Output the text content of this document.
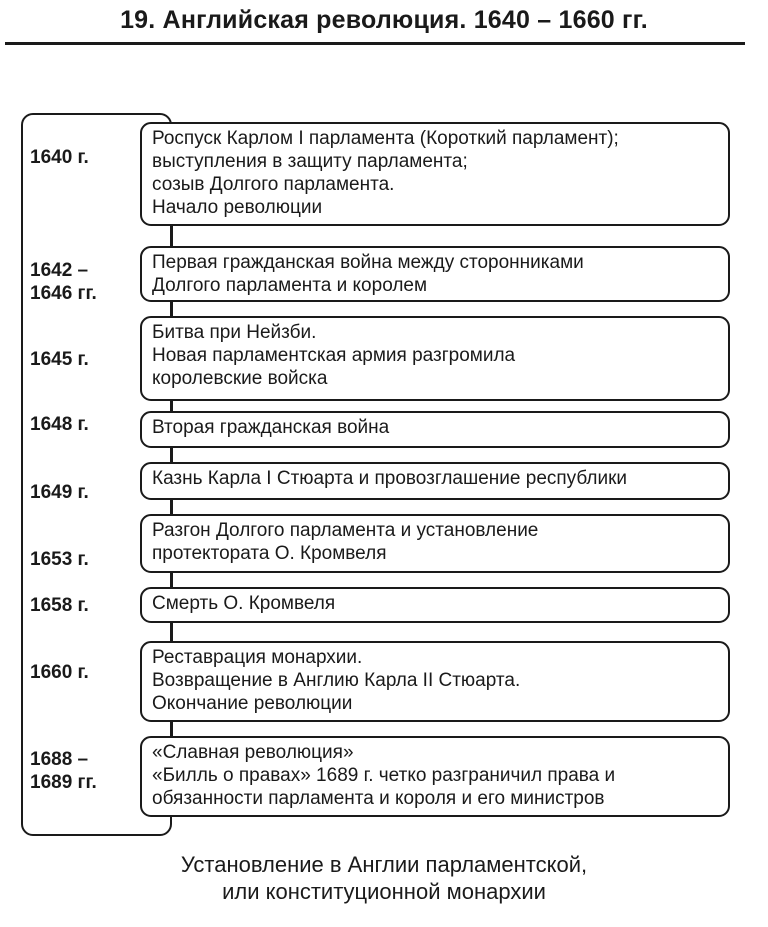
19. Английская революция. 1640 – 1660 гг.
1640 г.
Роспуск Карлом I парламента (Короткий парламент);
выступления в защиту парламента;
созыв Долгого парламента.
Начало революции
1642 –
1646 гг.
Первая гражданская война между сторонниками
Долгого парламента и королем
1645 г.
Битва при Нейзби.
Новая парламентская армия разгромила
королевские войска
1648 г.	Вторая гражданская война
1649 г.
Казнь Карла I Стюарта и провозглашение республики
1653 г.
Разгон Долгого парламента и установление
протектората О. Кромвеля
1658 г.	Смерть О. Кромвеля
1660 г.
Реставрация монархии.
Возвращение в Англию Карла II Стюарта.
Окончание революции
1688 –
1689 гг.
«Славная революция»
«Билль о правах» 1689 г. четко разграничил права и
обязанности парламента и короля и его министров
Установление в Англии парламентской,
или конституционной монархии
